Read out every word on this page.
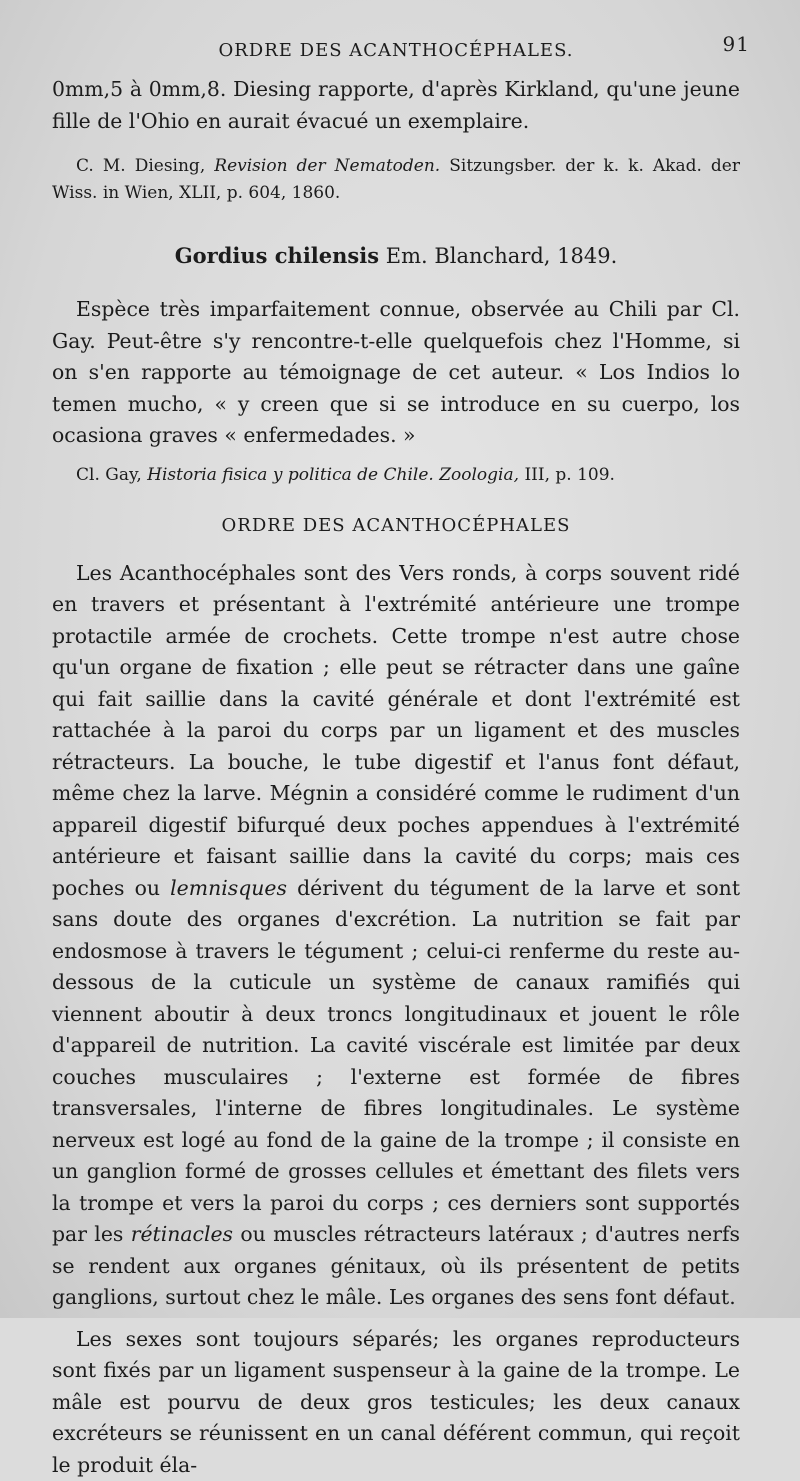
ORDRE DES ACANTHOCÉPHALES.	91

0mm,5 à 0mm,8. Diesing rapporte, d'après Kirkland, qu'une jeune fille de l'Ohio en aurait évacué un exemplaire.

C. M. Diesing, Revision der Nematoden. Sitzungsber. der k. k. Akad. der Wiss. in Wien, XLII, p. 604, 1860.

Gordius chilensis Em. Blanchard, 1849.

Espèce très imparfaitement connue, observée au Chili par Cl. Gay. Peut-être s'y rencontre-t-elle quelquefois chez l'Homme, si on s'en rapporte au témoignage de cet auteur. « Los Indios lo temen mucho, « y creen que si se introduce en su cuerpo, los ocasiona graves « enfermedades. »

Cl. Gay, Historia fisica y politica de Chile. Zoologia, III, p. 109.

ORDRE DES ACANTHOCÉPHALES

Les Acanthocéphales sont des Vers ronds, à corps souvent ridé en travers et présentant à l'extrémité antérieure une trompe protactile armée de crochets. Cette trompe n'est autre chose qu'un organe de fixation ; elle peut se rétracter dans une gaîne qui fait saillie dans la cavité générale et dont l'extrémité est rattachée à la paroi du corps par un ligament et des muscles rétracteurs. La bouche, le tube digestif et l'anus font défaut, même chez la larve. Mégnin a considéré comme le rudiment d'un appareil digestif bifurqué deux poches appendues à l'extrémité antérieure et faisant saillie dans la cavité du corps; mais ces poches ou lemnisques dérivent du tégument de la larve et sont sans doute des organes d'excrétion. La nutrition se fait par endosmose à travers le tégument ; celui-ci renferme du reste au-dessous de la cuticule un système de canaux ramifiés qui viennent aboutir à deux troncs longitudinaux et jouent le rôle d'appareil de nutrition. La cavité viscérale est limitée par deux couches musculaires ; l'externe est formée de fibres transversales, l'interne de fibres longitudinales. Le système nerveux est logé au fond de la gaine de la trompe ; il consiste en un ganglion formé de grosses cellules et émettant des filets vers la trompe et vers la paroi du corps ; ces derniers sont supportés par les rétinacles ou muscles rétracteurs latéraux ; d'autres nerfs se rendent aux organes génitaux, où ils présentent de petits ganglions, surtout chez le mâle. Les organes des sens font défaut.

Les sexes sont toujours séparés; les organes reproducteurs sont fixés par un ligament suspenseur à la gaine de la trompe. Le mâle est pourvu de deux gros testicules; les deux canaux excréteurs se réunissent en un canal déférent commun, qui reçoit le produit éla-
